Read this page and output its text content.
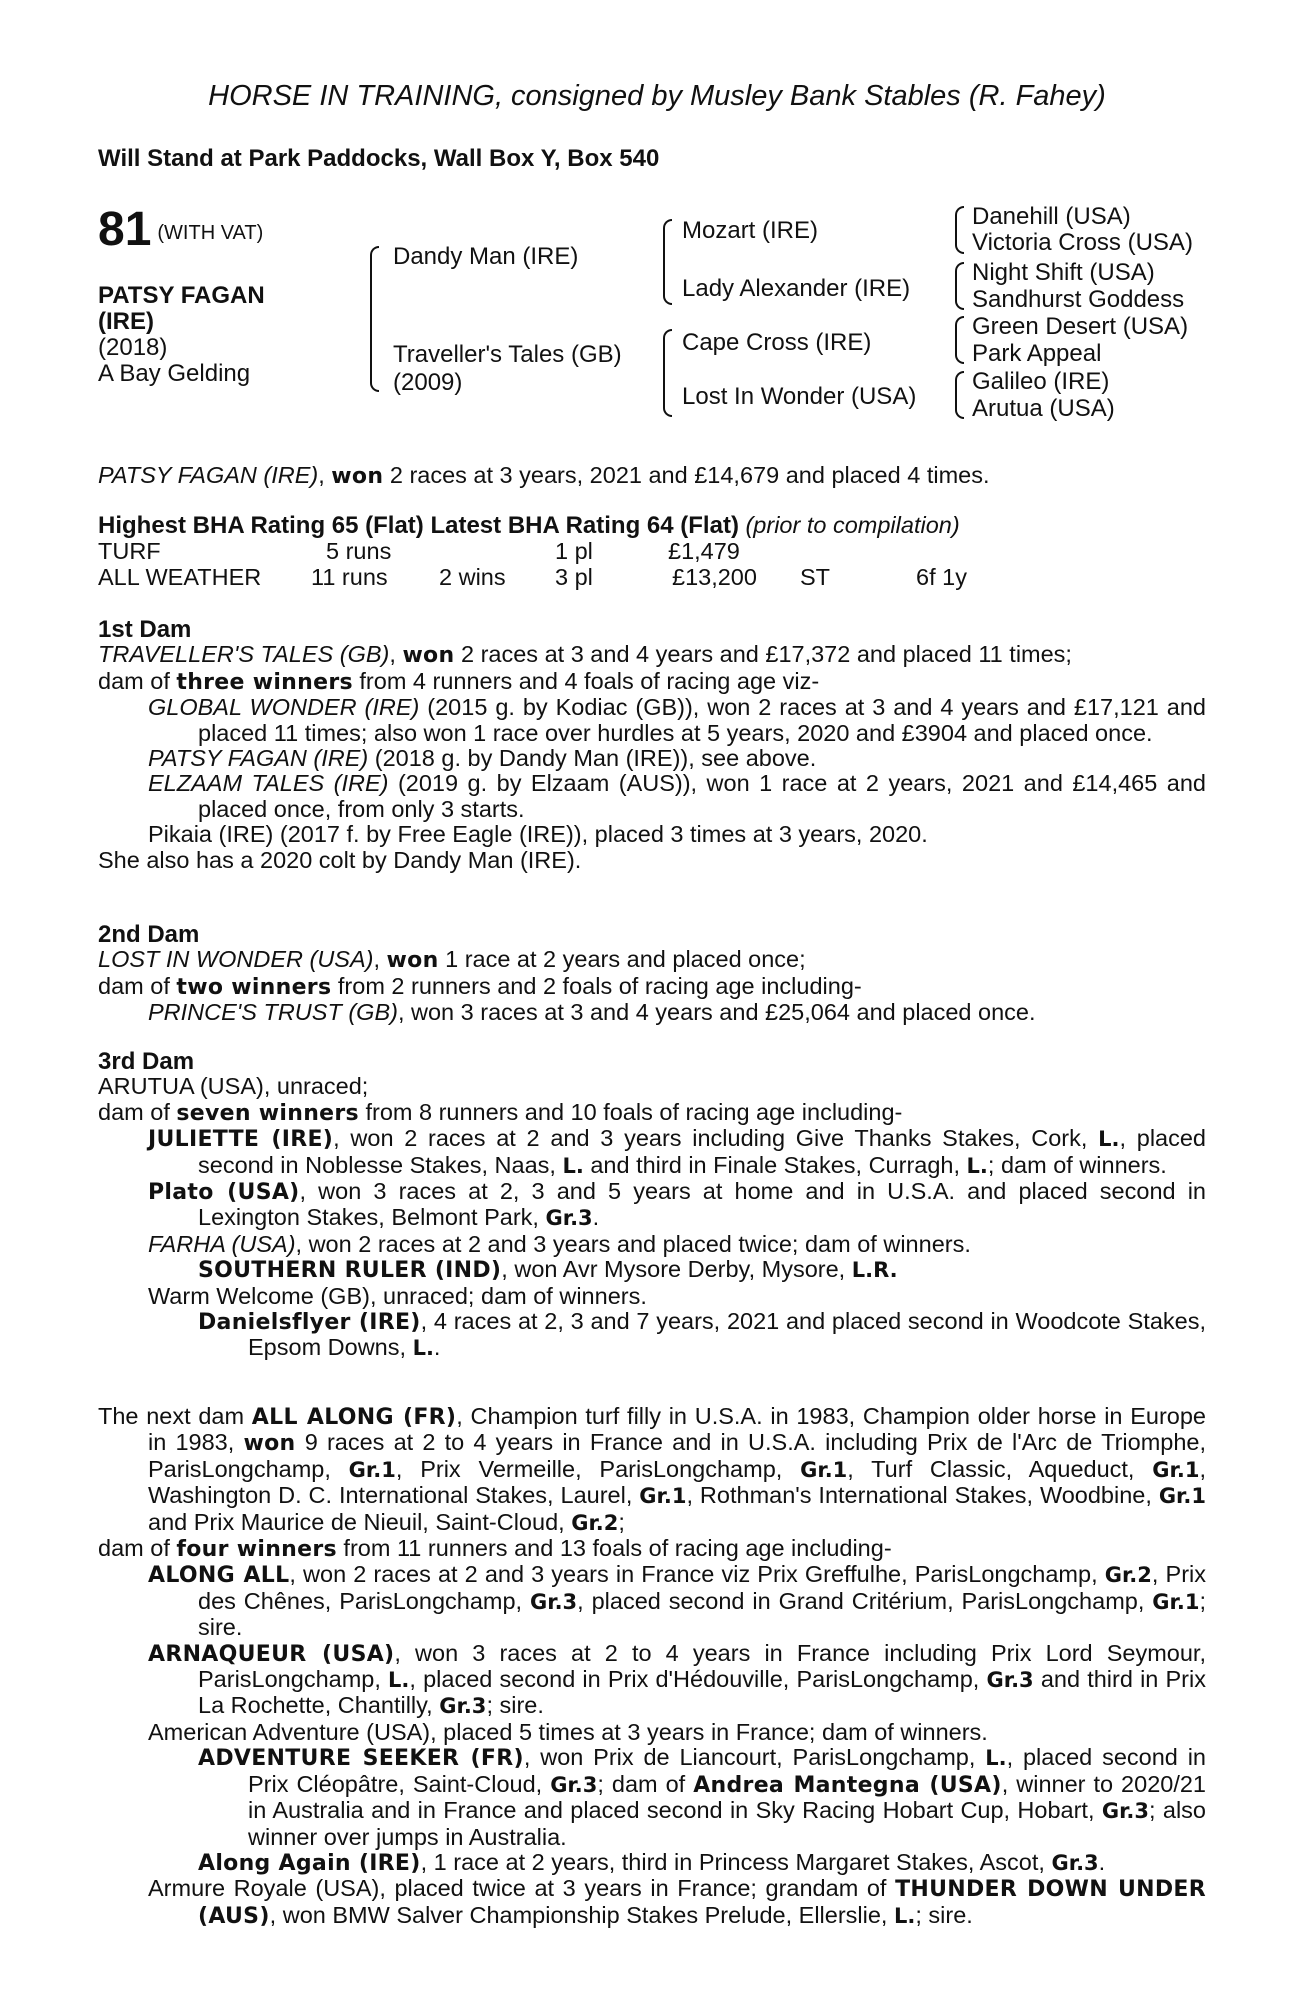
HORSE IN TRAINING, consigned by Musley Bank Stables (R. Fahey)
Will Stand at Park Paddocks, Wall Box Y, Box 540
81 (WITH VAT)
PATSY FAGAN
(IRE)
(2018)
A Bay Gelding
Dandy Man (IRE)
Traveller's Tales (GB)
(2009)
Mozart (IRE)
Lady Alexander (IRE)
Cape Cross (IRE)
Lost In Wonder (USA)
Danehill (USA)
Victoria Cross (USA)
Night Shift (USA)
Sandhurst Goddess
Green Desert (USA)
Park Appeal
Galileo (IRE)
Arutua (USA)
PATSY FAGAN (IRE), won 2 races at 3 years, 2021 and £14,679 and placed 4 times.
Highest BHA Rating 65 (Flat) Latest BHA Rating 64 (Flat) (prior to compilation)
TURF	5 runs	1 pl	£1,479
ALL WEATHER 11 runs 2 wins 3 pl	£13,200 ST	6f 1y

1st Dam

TRAVELLER'S TALES (GB), won 2 races at 3 and 4 years and £17,372 and placed 11 times;

dam of three winners from 4 runners and 4 foals of racing age viz-

GLOBAL WONDER (IRE) (2015 g. by Kodiac (GB)), won 2 races at 3 and 4 years and £17,121 and placed 11 times; also won 1 race over hurdles at 5 years, 2020 and £3904 and placed once.

PATSY FAGAN (IRE) (2018 g. by Dandy Man (IRE)), see above.

ELZAAM TALES (IRE) (2019 g. by Elzaam (AUS)), won 1 race at 2 years, 2021 and £14,465 and placed once, from only 3 starts.

Pikaia (IRE) (2017 f. by Free Eagle (IRE)), placed 3 times at 3 years, 2020.

She also has a 2020 colt by Dandy Man (IRE).

2nd Dam

LOST IN WONDER (USA), won 1 race at 2 years and placed once;

dam of two winners from 2 runners and 2 foals of racing age including-

PRINCE'S TRUST (GB), won 3 races at 3 and 4 years and £25,064 and placed once.

3rd Dam

ARUTUA (USA), unraced;

dam of seven winners from 8 runners and 10 foals of racing age including-

JULIETTE (IRE), won 2 races at 2 and 3 years including Give Thanks Stakes, Cork, L., placed second in Noblesse Stakes, Naas, L. and third in Finale Stakes, Curragh, L.; dam of winners.

Plato (USA), won 3 races at 2, 3 and 5 years at home and in U.S.A. and placed second in Lexington Stakes, Belmont Park, Gr.3.

FARHA (USA), won 2 races at 2 and 3 years and placed twice; dam of winners.

SOUTHERN RULER (IND), won Avr Mysore Derby, Mysore, L.R.

Warm Welcome (GB), unraced; dam of winners.

Danielsflyer (IRE), 4 races at 2, 3 and 7 years, 2021 and placed second in Woodcote Stakes, Epsom Downs, L..

The next dam ALL ALONG (FR), Champion turf filly in U.S.A. in 1983, Champion older horse in Europe in 1983, won 9 races at 2 to 4 years in France and in U.S.A. including Prix de l'Arc de Triomphe, ParisLongchamp, Gr.1, Prix Vermeille, ParisLongchamp, Gr.1, Turf Classic, Aqueduct, Gr.1, Washington D. C. International Stakes, Laurel, Gr.1, Rothman's International Stakes, Woodbine, Gr.1 and Prix Maurice de Nieuil, Saint-Cloud, Gr.2;

dam of four winners from 11 runners and 13 foals of racing age including-

ALONG ALL, won 2 races at 2 and 3 years in France viz Prix Greffulhe, ParisLongchamp, Gr.2, Prix des Chênes, ParisLongchamp, Gr.3, placed second in Grand Critérium, ParisLongchamp, Gr.1; sire.

ARNAQUEUR (USA), won 3 races at 2 to 4 years in France including Prix Lord Seymour, ParisLongchamp, L., placed second in Prix d'Hédouville, ParisLongchamp, Gr.3 and third in Prix La Rochette, Chantilly, Gr.3; sire.

American Adventure (USA), placed 5 times at 3 years in France; dam of winners.

ADVENTURE SEEKER (FR), won Prix de Liancourt, ParisLongchamp, L., placed second in Prix Cléopâtre, Saint-Cloud, Gr.3; dam of Andrea Mantegna (USA), winner to 2020/21 in Australia and in France and placed second in Sky Racing Hobart Cup, Hobart, Gr.3; also winner over jumps in Australia.

Along Again (IRE), 1 race at 2 years, third in Princess Margaret Stakes, Ascot, Gr.3.

Armure Royale (USA), placed twice at 3 years in France; grandam of THUNDER DOWN UNDER (AUS), won BMW Salver Championship Stakes Prelude, Ellerslie, L.; sire.
